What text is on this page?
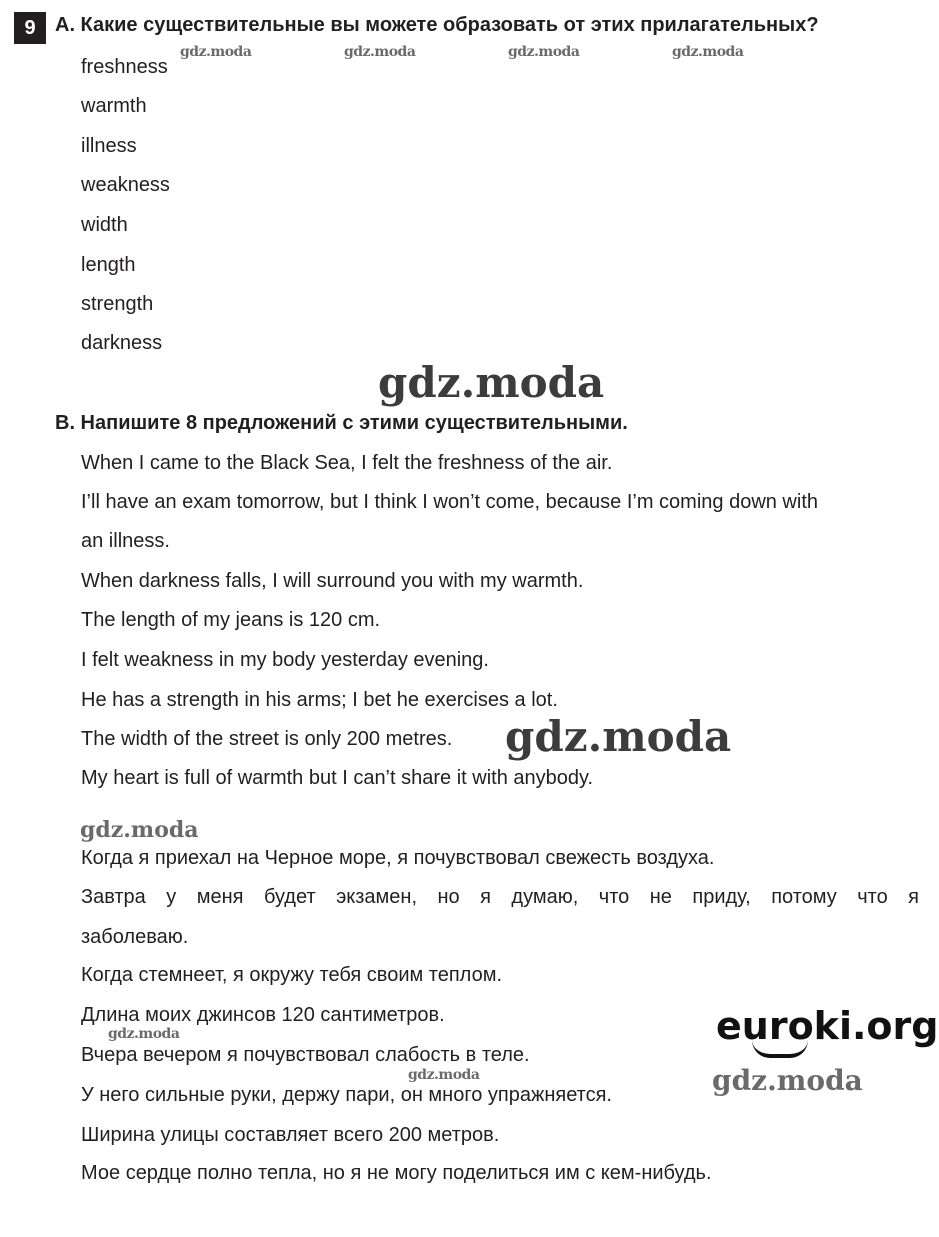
9 A. Какие существительные вы можете образовать от этих прилагательных?
freshness
warmth
illness
weakness
width
length
strength
darkness
B. Напишите 8 предложений с этими существительными.
When I came to the Black Sea, I felt the freshness of the air.
I’ll have an exam tomorrow, but I think I won’t come, because I’m coming down with
an illness.
When darkness falls, I will surround you with my warmth.
The length of my jeans is 120 cm.
I felt weakness in my body yesterday evening.
He has a strength in his arms; I bet he exercises a lot.
The width of the street is only 200 metres.
My heart is full of warmth but I can’t share it with anybody.
Когда я приехал на Черное море, я почувствовал свежесть воздуха.
Завтра у меня будет экзамен, но я думаю, что не приду, потому что я
заболеваю.
Когда стемнеет, я окружу тебя своим теплом.
Длина моих джинсов 120 сантиметров.
Вчера вечером я почувствовал слабость в теле.
У него сильные руки, держу пари, он много упражняется.
Ширина улицы составляет всего 200 метров.
Мое сердце полно тепла, но я не могу поделиться им с кем-нибудь.
gdz.moda	gdz.moda	gdz.moda	gdz.moda
gdz.moda
gdz.moda
gdz.moda
gdz.moda
gdz.moda	gdz.moda
euroki.org
